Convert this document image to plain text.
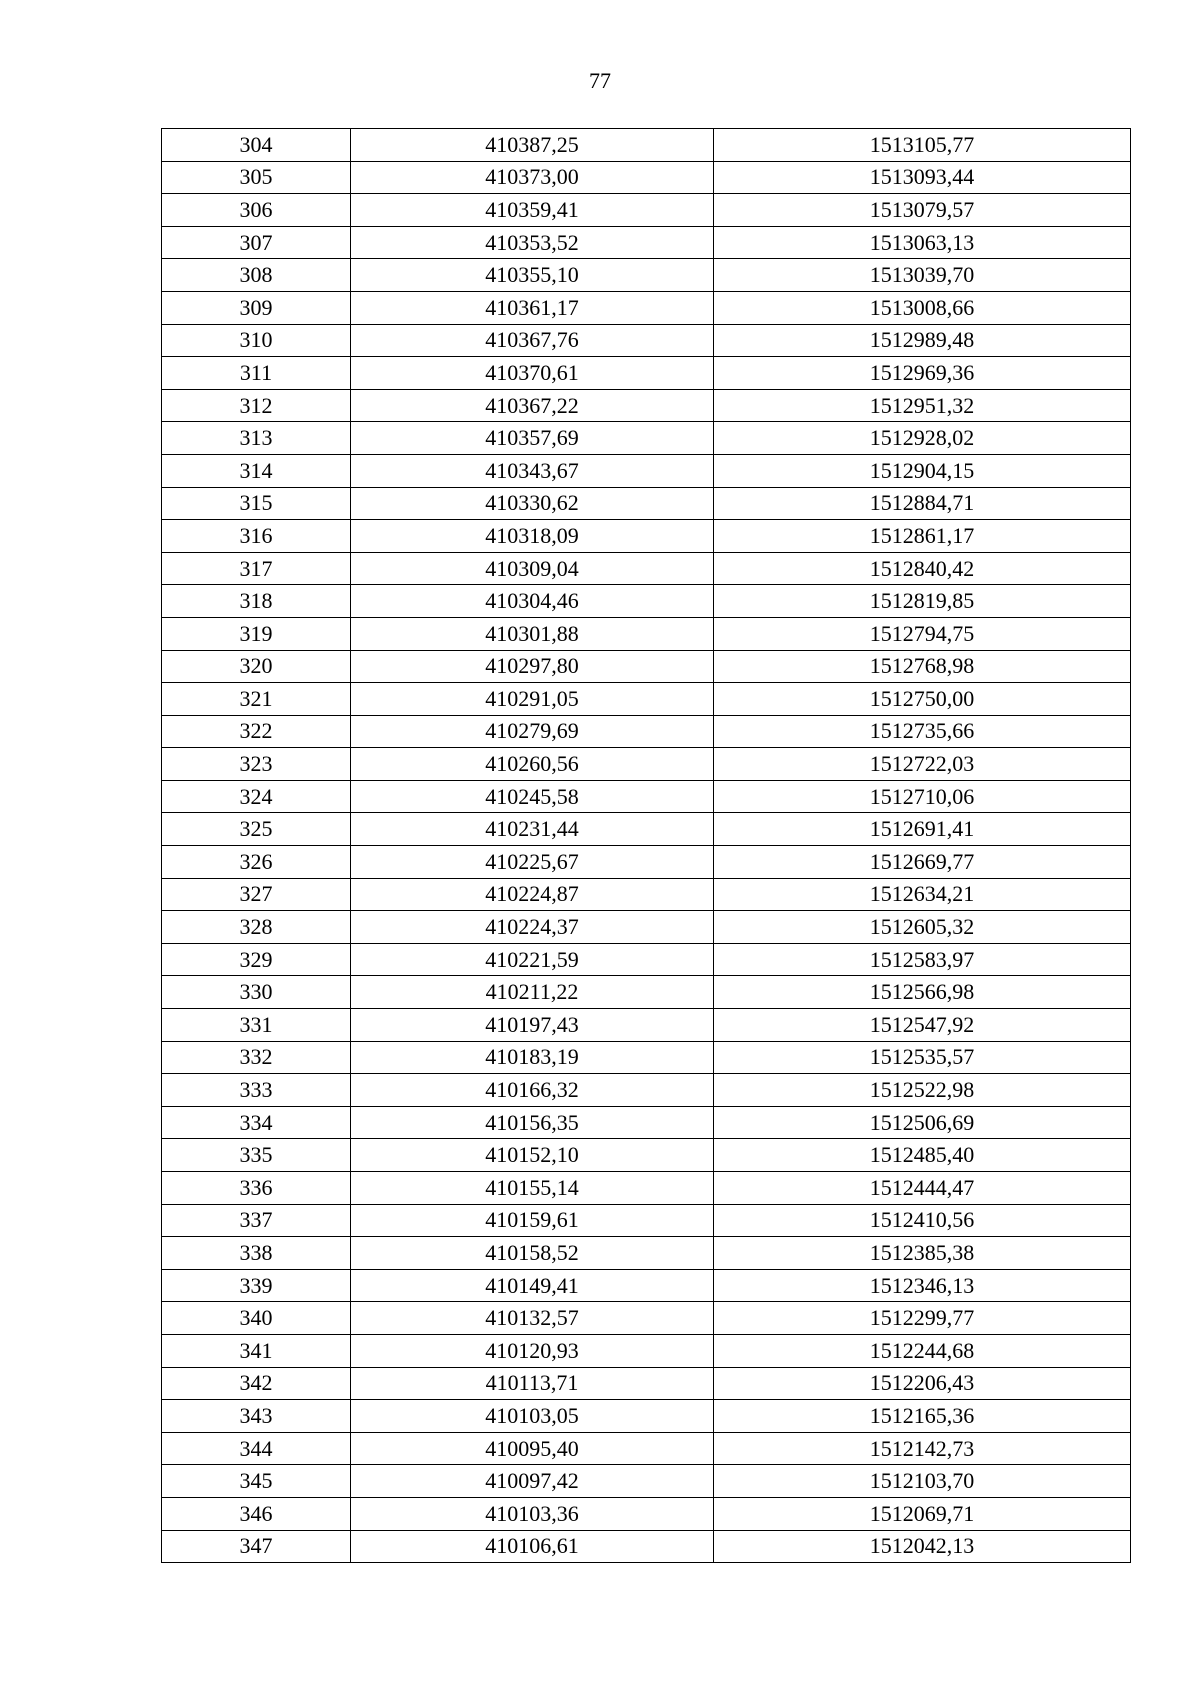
77
304	410387,25	1513105,77
305	410373,00	1513093,44
306	410359,41	1513079,57
307	410353,52	1513063,13
308	410355,10	1513039,70
309	410361,17	1513008,66
310	410367,76	1512989,48
311	410370,61	1512969,36
312	410367,22	1512951,32
313	410357,69	1512928,02
314	410343,67	1512904,15
315	410330,62	1512884,71
316	410318,09	1512861,17
317	410309,04	1512840,42
318	410304,46	1512819,85
319	410301,88	1512794,75
320	410297,80	1512768,98
321	410291,05	1512750,00
322	410279,69	1512735,66
323	410260,56	1512722,03
324	410245,58	1512710,06
325	410231,44	1512691,41
326	410225,67	1512669,77
327	410224,87	1512634,21
328	410224,37	1512605,32
329	410221,59	1512583,97
330	410211,22	1512566,98
331	410197,43	1512547,92
332	410183,19	1512535,57
333	410166,32	1512522,98
334	410156,35	1512506,69
335	410152,10	1512485,40
336	410155,14	1512444,47
337	410159,61	1512410,56
338	410158,52	1512385,38
339	410149,41	1512346,13
340	410132,57	1512299,77
341	410120,93	1512244,68
342	410113,71	1512206,43
343	410103,05	1512165,36
344	410095,40	1512142,73
345	410097,42	1512103,70
346	410103,36	1512069,71
347	410106,61	1512042,13
